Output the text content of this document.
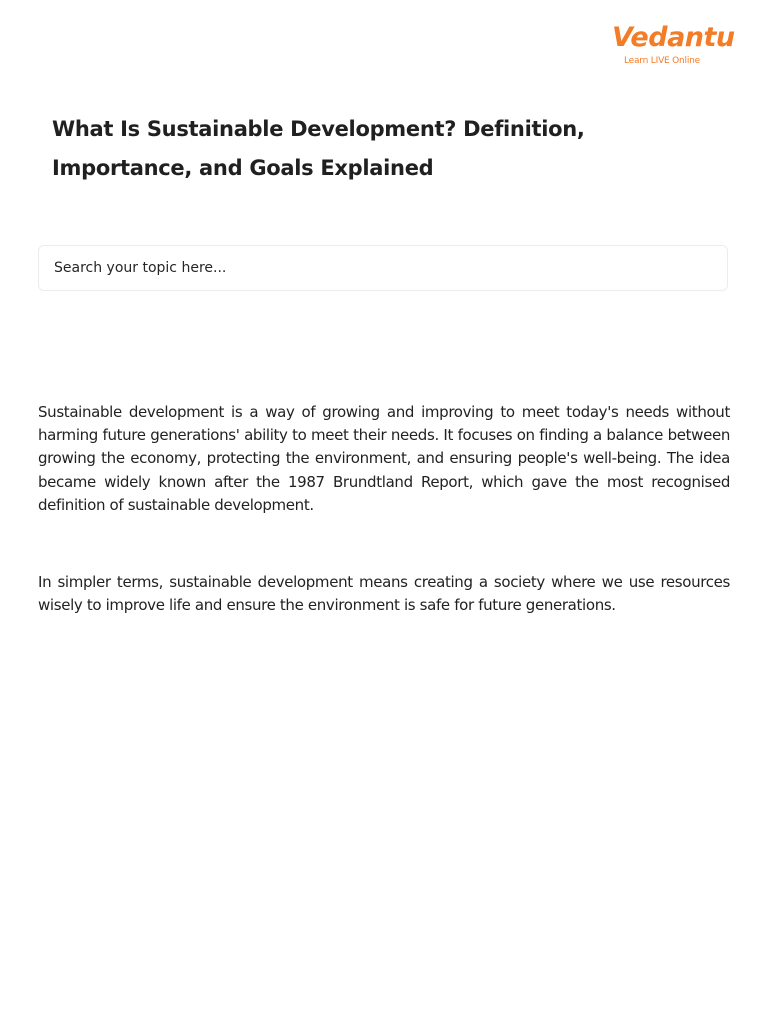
Vedantu
Learn LIVE Online
What Is Sustainable Development? Definition, Importance, and Goals Explained
Search your topic here...

Sustainable development is a way of growing and improving to meet today's needs without harming future generations' ability to meet their needs. It focuses on finding a balance between growing the economy, protecting the environment, and ensuring people's well-being. The idea became widely known after the 1987 Brundtland Report, which gave the most recognised definition of sustainable development.

In simpler terms, sustainable development means creating a society where we use resources wisely to improve life and ensure the environment is safe for future generations.
